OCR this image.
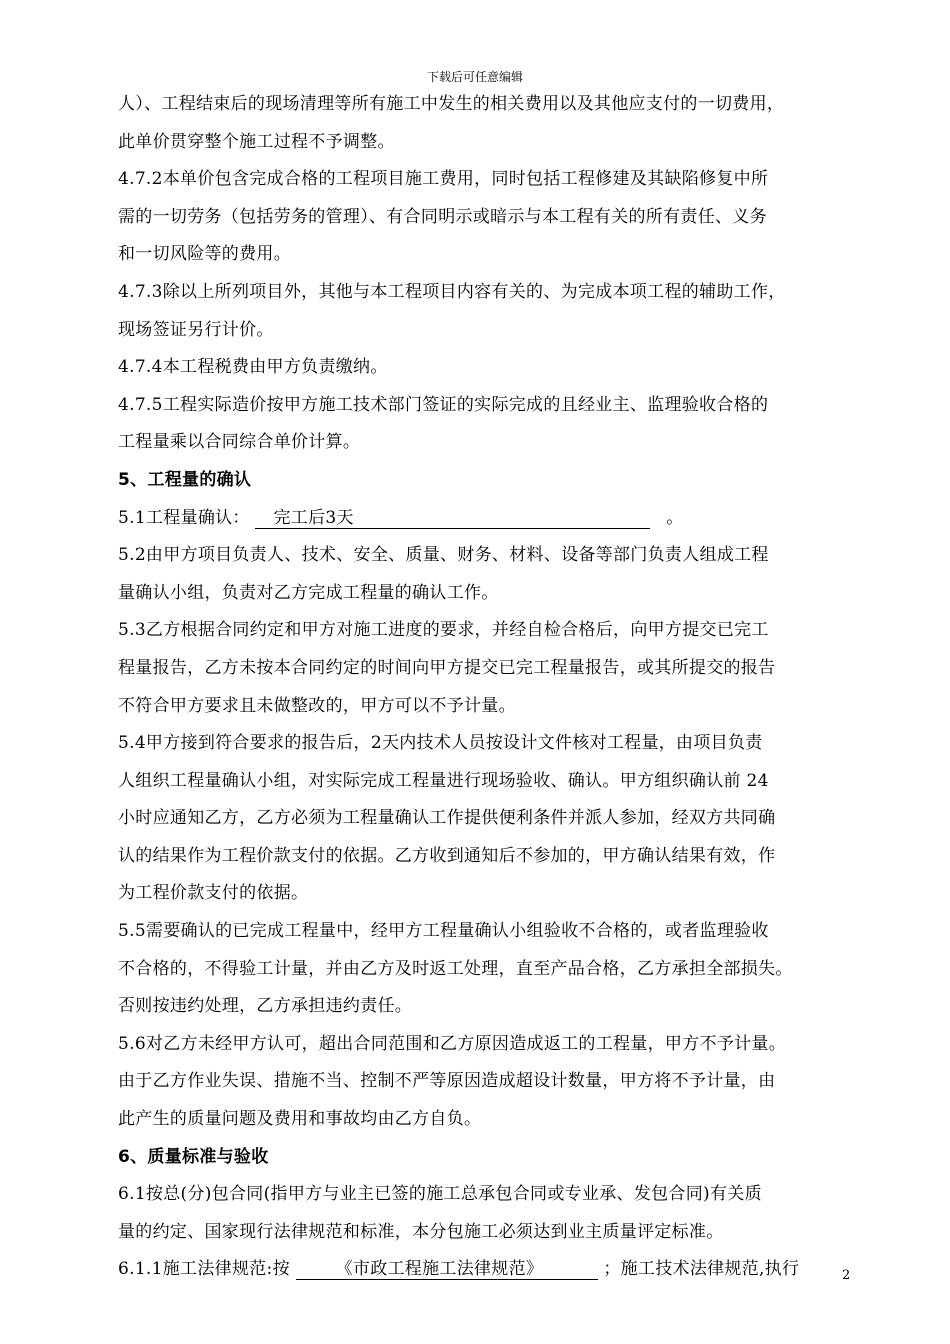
下载后可任意编辑
人）、工程结束后的现场清理等所有施工中发生的相关费用以及其他应支付的一切费用，
此单价贯穿整个施工过程不予调整。
4.7.2本单价包含完成合格的工程项目施工费用，同时包括工程修建及其缺陷修复中所
需的一切劳务（包括劳务的管理）、有合同明示或暗示与本工程有关的所有责任、义务
和一切风险等的费用。
4.7.3除以上所列项目外，其他与本工程项目内容有关的、为完成本项工程的辅助工作，
现场签证另行计价。
4.7.4本工程税费由甲方负责缴纳。
4.7.5工程实际造价按甲方施工技术部门签证的实际完成的且经业主、监理验收合格的
工程量乘以合同综合单价计算。
5、工程量的确认
5.1工程量确认： 完工后3天	。
5.2由甲方项目负责人、技术、安全、质量、财务、材料、设备等部门负责人组成工程
量确认小组，负责对乙方完成工程量的确认工作。
5.3乙方根据合同约定和甲方对施工进度的要求，并经自检合格后，向甲方提交已完工
程量报告，乙方未按本合同约定的时间向甲方提交已完工程量报告，或其所提交的报告
不符合甲方要求且未做整改的，甲方可以不予计量。
5.4甲方接到符合要求的报告后，2天内技术人员按设计文件核对工程量，由项目负责
人组织工程量确认小组，对实际完成工程量进行现场验收、确认。甲方组织确认前 24
小时应通知乙方，乙方必须为工程量确认工作提供便利条件并派人参加，经双方共同确
认的结果作为工程价款支付的依据。乙方收到通知后不参加的，甲方确认结果有效，作
为工程价款支付的依据。
5.5需要确认的已完成工程量中，经甲方工程量确认小组验收不合格的，或者监理验收
不合格的，不得验工计量，并由乙方及时返工处理，直至产品合格，乙方承担全部损失。
否则按违约处理，乙方承担违约责任。
5.6对乙方未经甲方认可，超出合同范围和乙方原因造成返工的工程量，甲方不予计量。
由于乙方作业失误、措施不当、控制不严等原因造成超设计数量，甲方将不予计量，由
此产生的质量问题及费用和事故均由乙方自负。
6、质量标准与验收
6.1按总(分)包合同(指甲方与业主已签的施工总承包合同或专业承、发包合同)有关质
量的约定、国家现行法律规范和标准，本分包施工必须达到业主质量评定标准。
6.1.1施工法律规范:按	《市政工程施工法律规范》	；施工技术法律规范,执行	2
